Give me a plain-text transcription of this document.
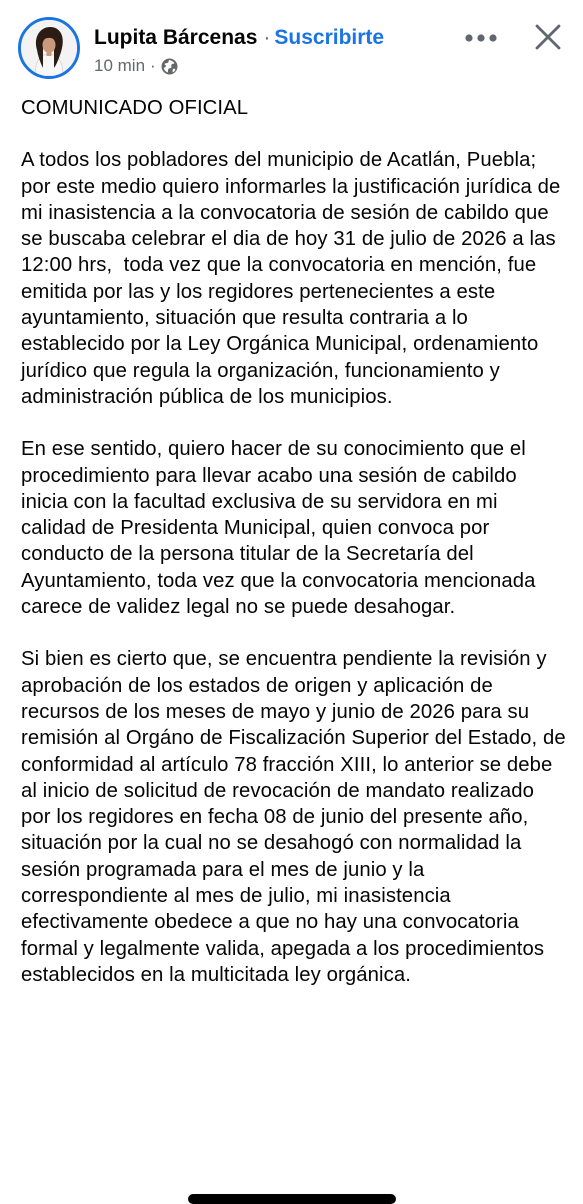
Lupita Bárcenas · Suscribirte
10 min ·

COMUNICADO OFICIAL

A todos los pobladores del municipio de Acatlán, Puebla; por este medio quiero informarles la justificación jurídica de mi inasistencia a la convocatoria de sesión de cabildo que se buscaba celebrar el dia de hoy 31 de julio de 2026 a las 12:00 hrs,  toda vez que la convocatoria en mención, fue emitida por las y los regidores pertenecientes a este ayuntamiento, situación que resulta contraria a lo establecido por la Ley Orgánica Municipal, ordenamiento jurídico que regula la organización, funcionamiento y administración pública de los municipios.

En ese sentido, quiero hacer de su conocimiento que el procedimiento para llevar acabo una sesión de cabildo inicia con la facultad exclusiva de su servidora en mi calidad de Presidenta Municipal, quien convoca por conducto de la persona titular de la Secretaría del Ayuntamiento, toda vez que la convocatoria mencionada carece de validez legal no se puede desahogar.

Si bien es cierto que, se encuentra pendiente la revisión y aprobación de los estados de origen y aplicación de recursos de los meses de mayo y junio de 2026 para su remisión al Orgáno de Fiscalización Superior del Estado, de conformidad al artículo 78 fracción XIII, lo anterior se debe al inicio de solicitud de revocación de mandato realizado por los regidores en fecha 08 de junio del presente año, situación por la cual no se desahogó con normalidad la sesión programada para el mes de junio y la correspondiente al mes de julio, mi inasistencia efectivamente obedece a que no hay una convocatoria formal y legalmente valida, apegada a los procedimientos establecidos en la multicitada ley orgánica.
